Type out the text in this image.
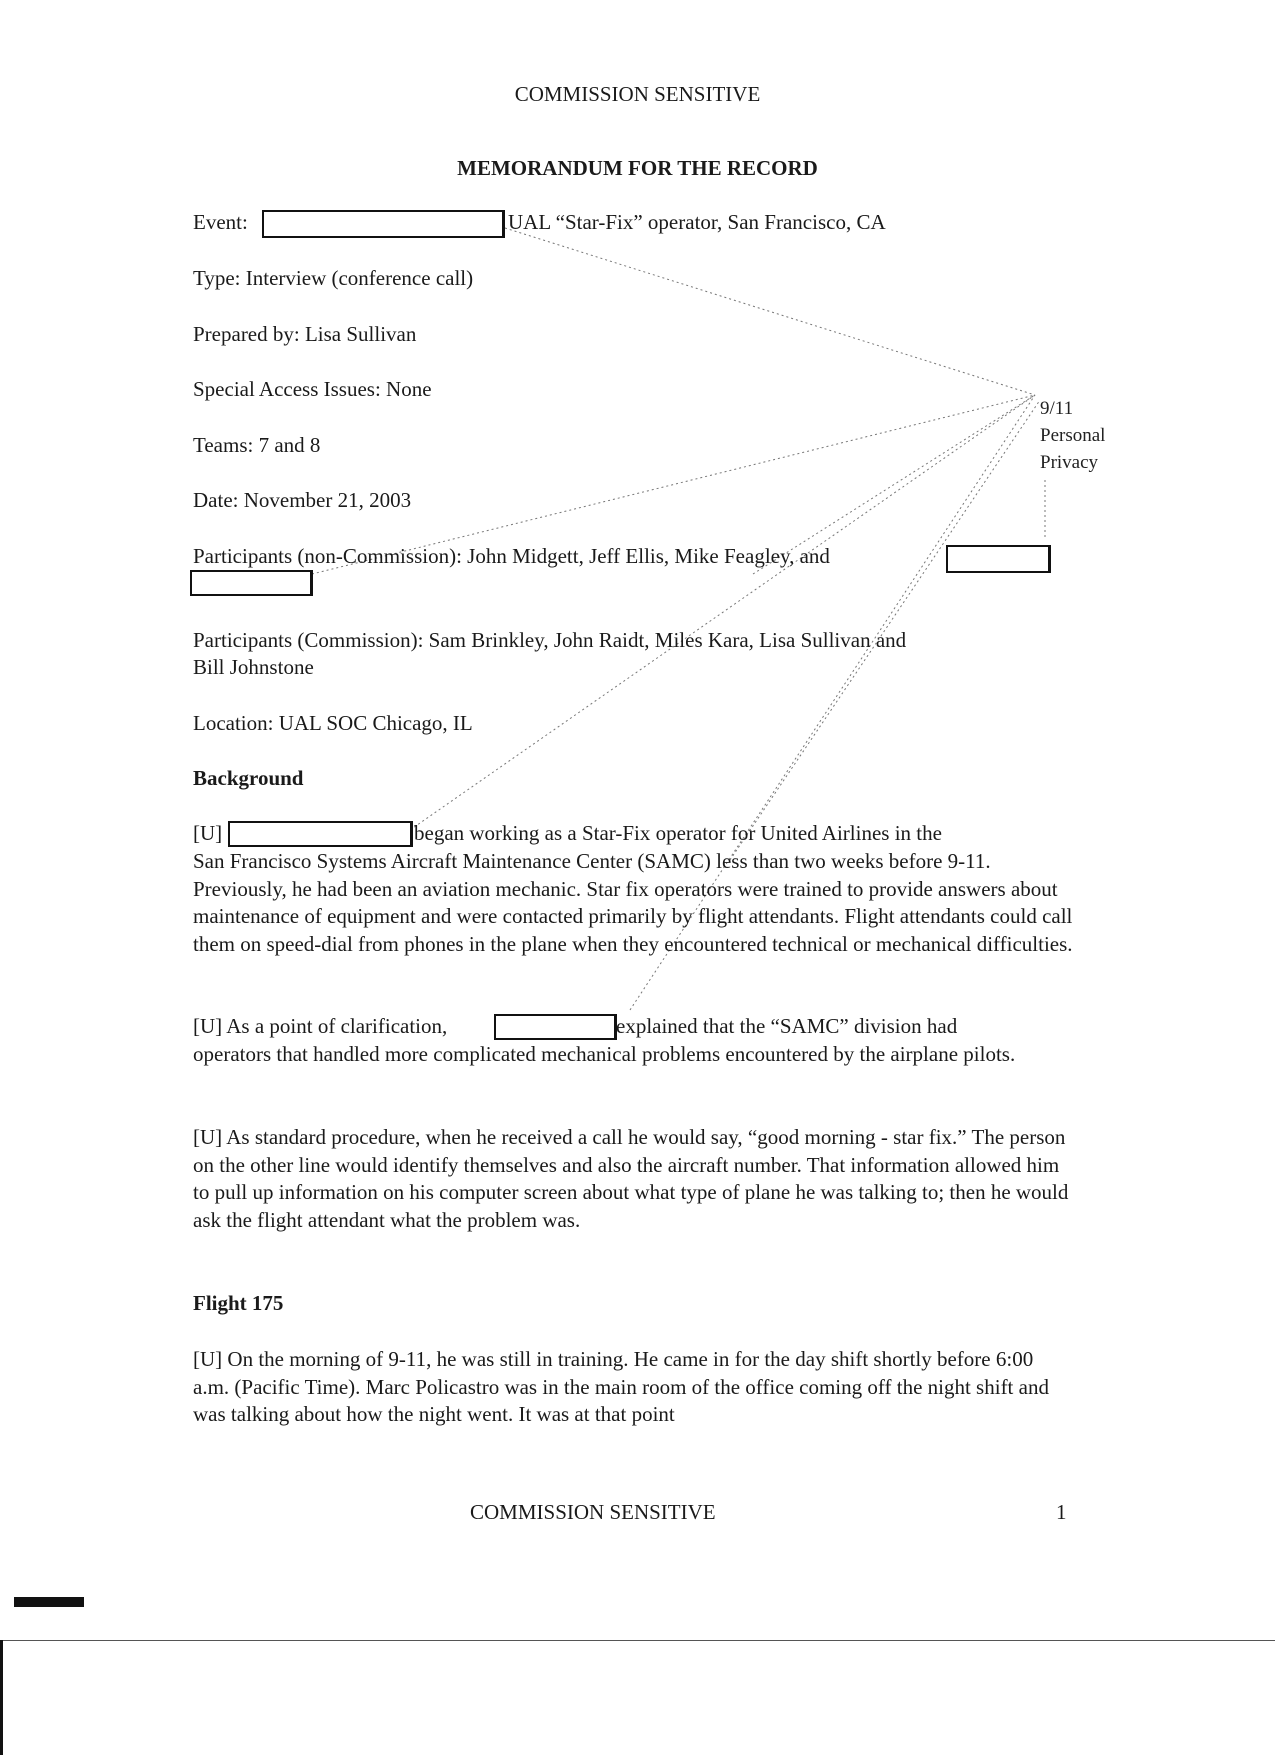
COMMISSION SENSITIVE
MEMORANDUM FOR THE RECORD
Event:	UAL “Star-Fix” operator, San Francisco, CA
Type: Interview (conference call)
Prepared by: Lisa Sullivan
Special Access Issues: None
Teams: 7 and 8
Date: November 21, 2003
Participants (non-Commission): John Midgett, Jeff Ellis, Mike Feagley, and
Participants (Commission): Sam Brinkley, John Raidt, Miles Kara, Lisa Sullivan and
Bill Johnstone
Location: UAL SOC Chicago, IL
9/11
Personal
Privacy
Background
[U]	began working as a Star-Fix operator for United Airlines in the
San Francisco Systems Aircraft Maintenance Center (SAMC) less than two weeks before 9-11. Previously, he had been an aviation mechanic. Star fix operators were trained to provide answers about maintenance of equipment and were contacted primarily by flight attendants. Flight attendants could call them on speed-dial from phones in the plane when they encountered technical or mechanical difficulties.
[U] As a point of clarification,	explained that the “SAMC” division had
operators that handled more complicated mechanical problems encountered by the airplane pilots.
[U] As standard procedure, when he received a call he would say, “good morning - star fix.” The person on the other line would identify themselves and also the aircraft number. That information allowed him to pull up information on his computer screen about what type of plane he was talking to; then he would ask the flight attendant what the problem was.
Flight 175
[U] On the morning of 9-11, he was still in training. He came in for the day shift shortly before 6:00 a.m. (Pacific Time). Marc Policastro was in the main room of the office coming off the night shift and was talking about how the night went. It was at that point
COMMISSION SENSITIVE	1
